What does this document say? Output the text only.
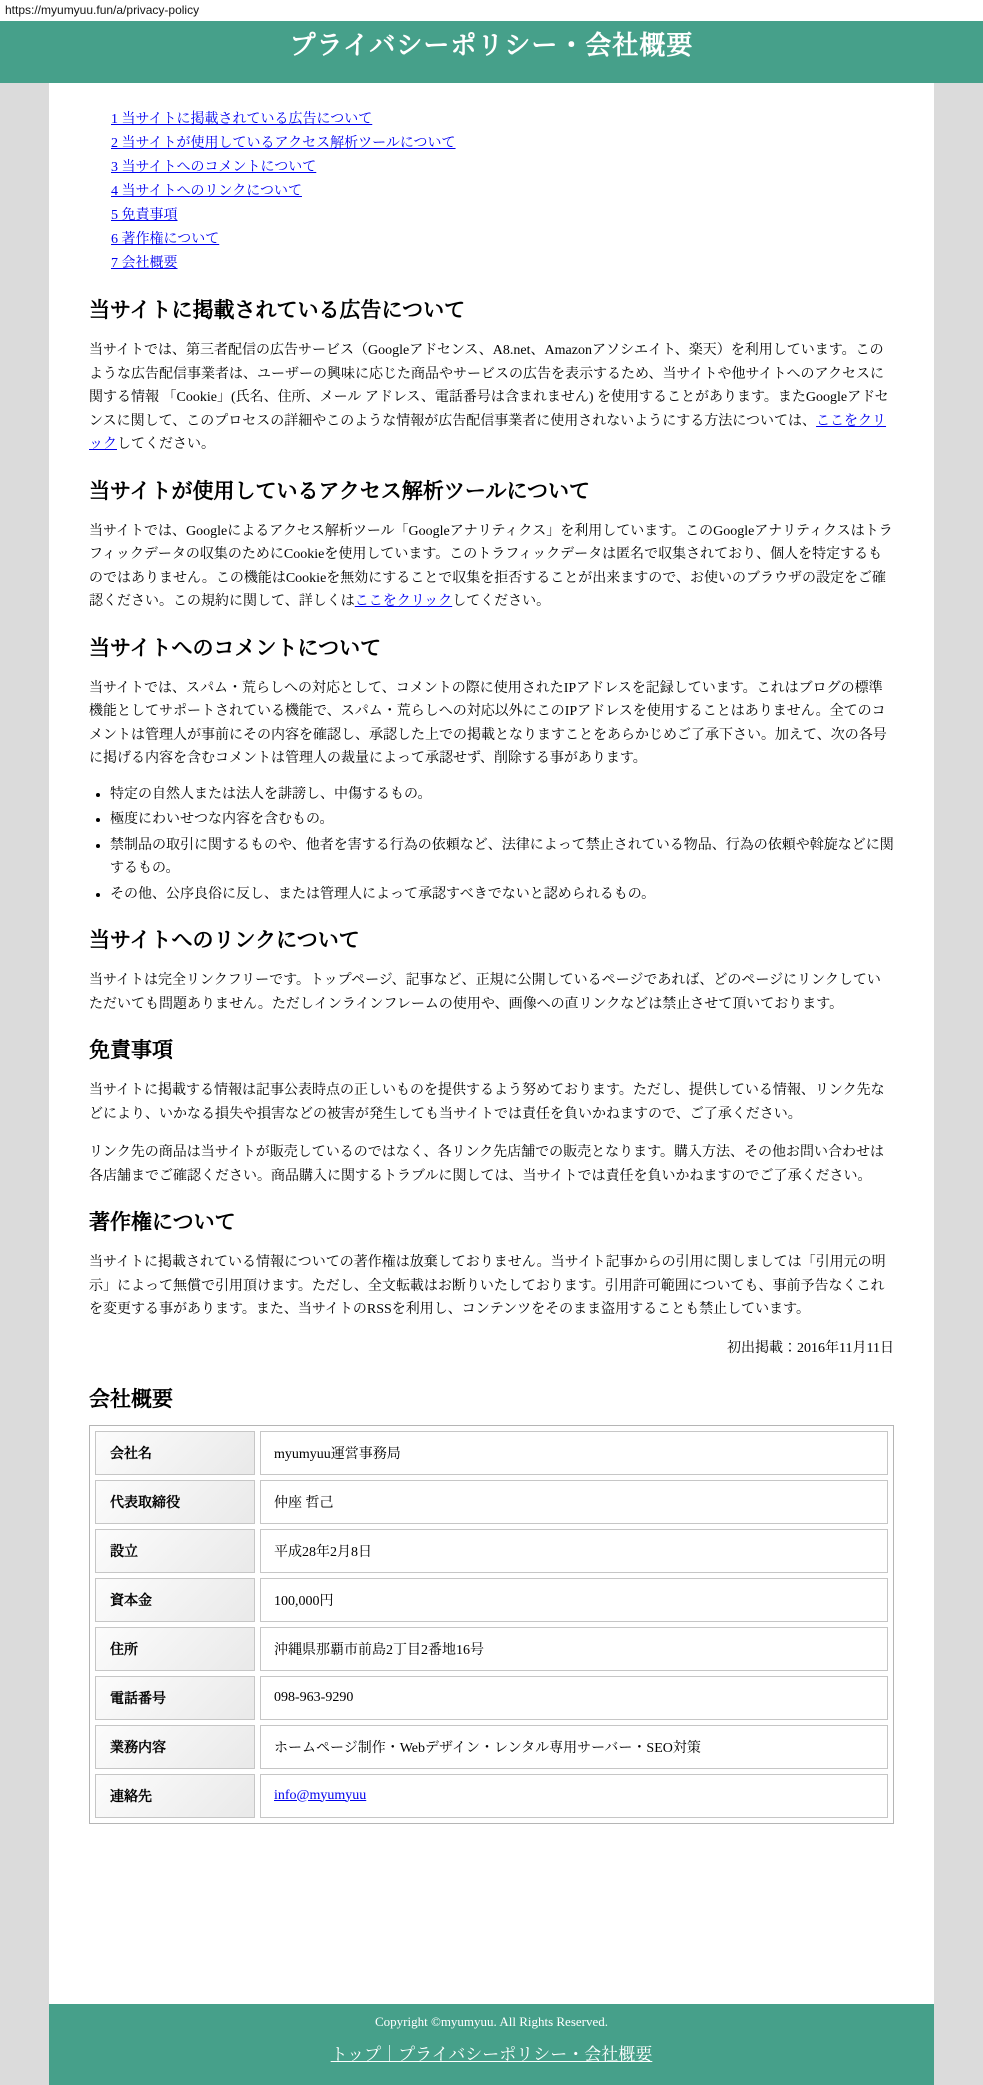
https://myumyuu.fun/a/privacy-policy
プライバシーポリシー・会社概要
1 当サイトに掲載されている広告について
2 当サイトが使用しているアクセス解析ツールについて
3 当サイトへのコメントについて
4 当サイトへのリンクについて
5 免責事項
6 著作権について
7 会社概要
当サイトに掲載されている広告について

当サイトでは、第三者配信の広告サービス（Googleアドセンス、A8.net、Amazonアソシエイト、楽天）を利用しています。このような広告配信事業者は、ユーザーの興味に応じた商品やサービスの広告を表示するため、当サイトや他サイトへのアクセスに関する情報 「Cookie」(氏名、住所、メール アドレス、電話番号は含まれません) を使用することがあります。またGoogleアドセンスに関して、このプロセスの詳細やこのような情報が広告配信事業者に使用されないようにする方法については、ここをクリックしてください。

当サイトが使用しているアクセス解析ツールについて

当サイトでは、Googleによるアクセス解析ツール「Googleアナリティクス」を利用しています。このGoogleアナリティクスはトラフィックデータの収集のためにCookieを使用しています。このトラフィックデータは匿名で収集されており、個人を特定するものではありません。この機能はCookieを無効にすることで収集を拒否することが出来ますので、お使いのブラウザの設定をご確認ください。この規約に関して、詳しくはここをクリックしてください。

当サイトへのコメントについて

当サイトでは、スパム・荒らしへの対応として、コメントの際に使用されたIPアドレスを記録しています。これはブログの標準機能としてサポートされている機能で、スパム・荒らしへの対応以外にこのIPアドレスを使用することはありません。全てのコメントは管理人が事前にその内容を確認し、承認した上での掲載となりますことをあらかじめご了承下さい。加えて、次の各号に掲げる内容を含むコメントは管理人の裁量によって承認せず、削除する事があります。

• 特定の自然人または法人を誹謗し、中傷するもの。
• 極度にわいせつな内容を含むもの。
• 禁制品の取引に関するものや、他者を害する行為の依頼など、法律によって禁止されている物品、行為の依頼や斡旋などに関するもの。
• その他、公序良俗に反し、または管理人によって承認すべきでないと認められるもの。
当サイトへのリンクについて

当サイトは完全リンクフリーです。トップページ、記事など、正規に公開しているページであれば、どのページにリンクしていただいても問題ありません。ただしインラインフレームの使用や、画像への直リンクなどは禁止させて頂いております。

免責事項

当サイトに掲載する情報は記事公表時点の正しいものを提供するよう努めております。ただし、提供している情報、リンク先などにより、いかなる損失や損害などの被害が発生しても当サイトでは責任を負いかねますので、ご了承ください。

リンク先の商品は当サイトが販売しているのではなく、各リンク先店舗での販売となります。購入方法、その他お問い合わせは各店舗までご確認ください。商品購入に関するトラブルに関しては、当サイトでは責任を負いかねますのでご了承ください。

著作権について

当サイトに掲載されている情報についての著作権は放棄しておりません。当サイト記事からの引用に関しましては「引用元の明示」によって無償で引用頂けます。ただし、全文転載はお断りいたしております。引用許可範囲についても、事前予告なくこれを変更する事があります。また、当サイトのRSSを利用し、コンテンツをそのまま盗用することも禁止しています。

初出掲載：2016年11月11日

会社概要
会社名	myumyuu運営事務局
代表取締役	仲座 哲己
設立	平成28年2月8日
資本金	100,000円
住所	沖縄県那覇市前島2丁目2番地16号
電話番号	098-963-9290
業務内容	ホームページ制作・Webデザイン・レンタル専用サーバー・SEO対策
連絡先	info@myumyuu

Copyright ©myumyuu. All Rights Reserved.

トップ｜プライバシーポリシー・会社概要
